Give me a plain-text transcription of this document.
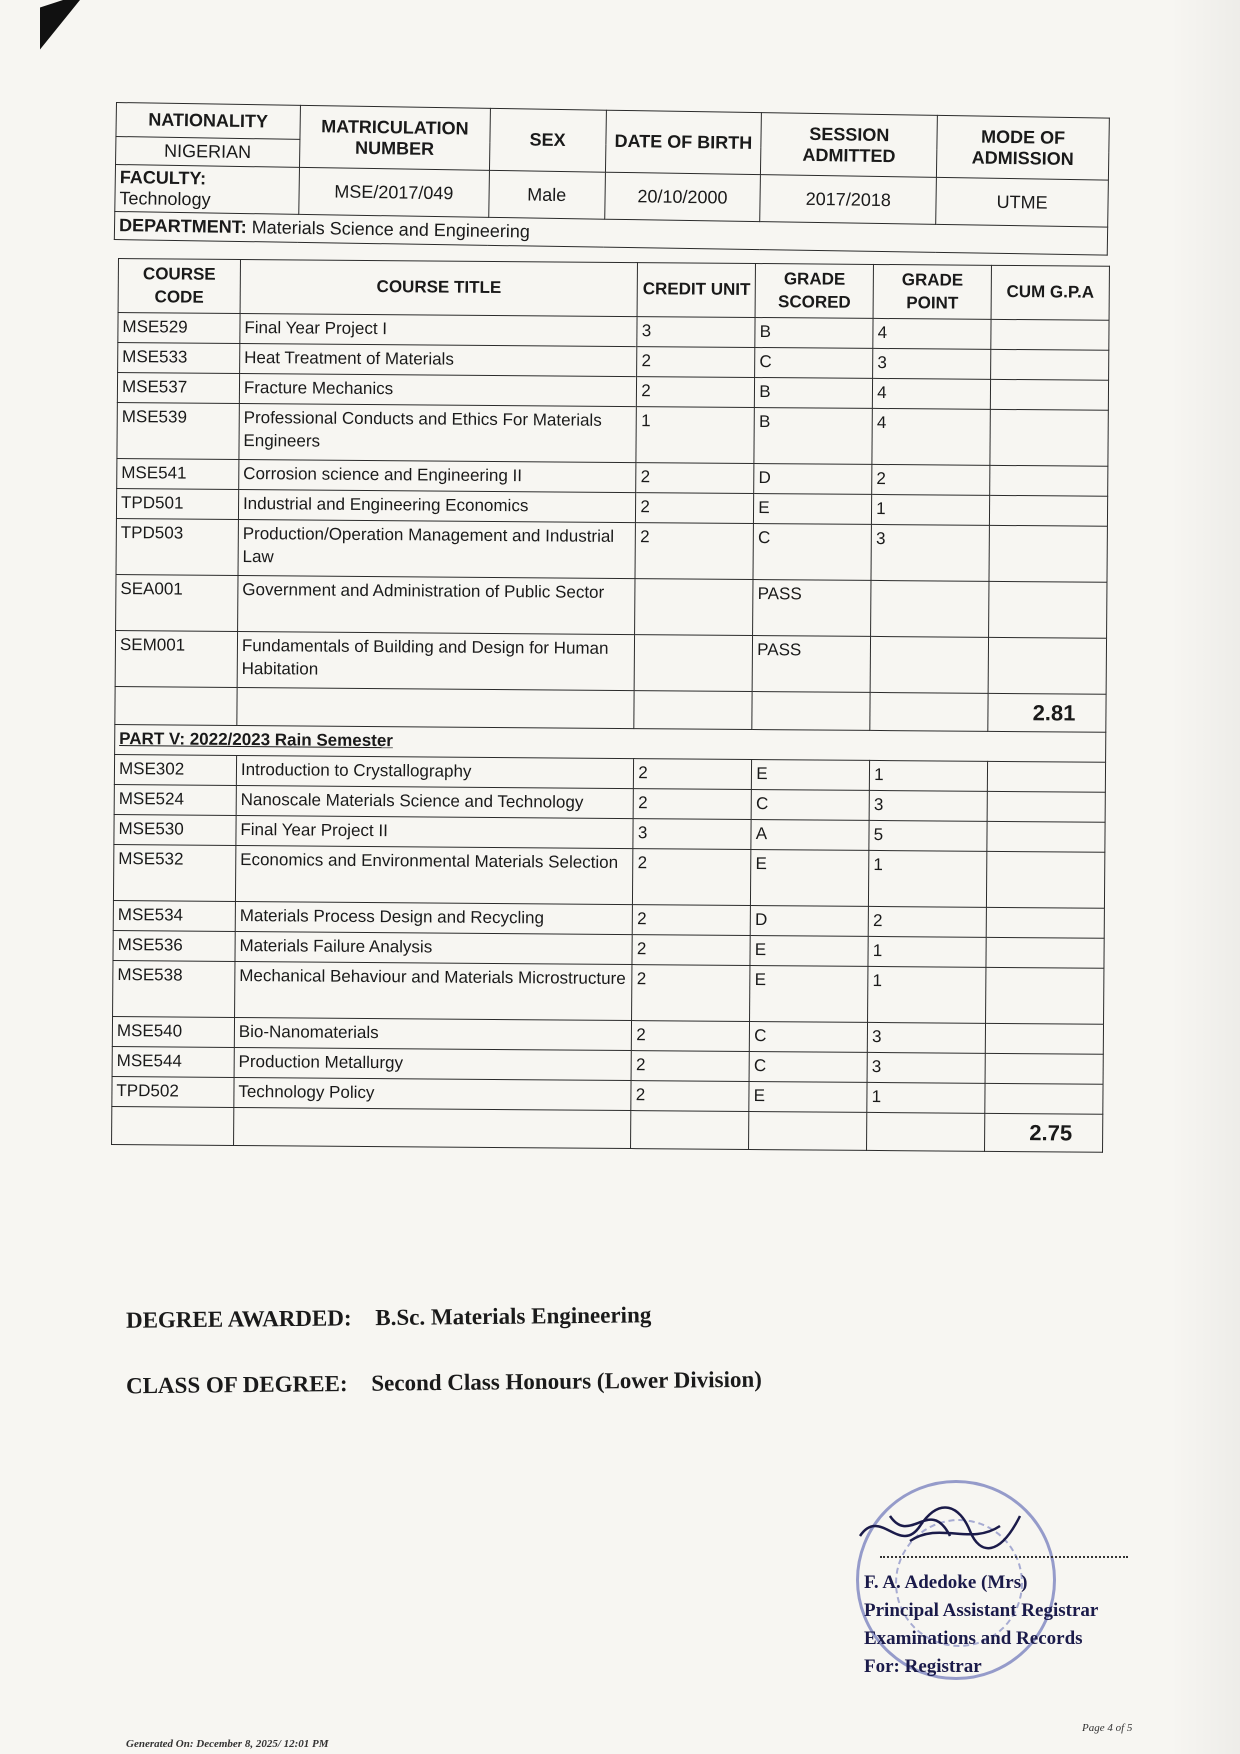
NATIONALITY	MATRICULATION NUMBER	SEX	DATE OF BIRTH	SESSION ADMITTED	MODE OF ADMISSION
NIGERIAN					
FACULTY: Technology	MSE/2017/049	Male	20/10/2000	2017/2018	UTME
DEPARTMENT: Materials Science and Engineering					
COURSE CODE	COURSE TITLE	CREDIT UNIT	GRADE SCORED	GRADE POINT	CUM G.P.A
MSE529	Final Year Project I	3	B	4	
MSE533	Heat Treatment of Materials	2	C	3	
MSE537	Fracture Mechanics	2	B	4	
MSE539	Professional Conducts and Ethics For Materials Engineers	1	B	4	
MSE541	Corrosion science and Engineering II	2	D	2	
TPD501	Industrial and Engineering Economics	2	E	1	
TPD503	Production/Operation Management and Industrial Law	2	C	3	
SEA001	Government and Administration of Public Sector		PASS		
SEM001	Fundamentals of Building and Design for Human Habitation		PASS		
					2.81
PART V: 2022/2023 Rain Semester					
MSE302	Introduction to Crystallography	2	E	1	
MSE524	Nanoscale Materials Science and Technology	2	C	3	
MSE530	Final Year Project II	3	A	5	
MSE532	Economics and Environmental Materials Selection	2	E	1	
MSE534	Materials Process Design and Recycling	2	D	2	
MSE536	Materials Failure Analysis	2	E	1	
MSE538	Mechanical Behaviour and Materials Microstructure	2	E	1	
MSE540	Bio-Nanomaterials	2	C	3	
MSE544	Production Metallurgy	2	C	3	
TPD502	Technology Policy	2	E	1	
					2.75
DEGREE AWARDED: B.Sc. Materials Engineering
CLASS OF DEGREE: Second Class Honours (Lower Division)
F. A. Adedoke (Mrs)
Principal Assistant Registrar
Examinations and Records
For: Registrar
Generated On: December 8, 2025/ 12:01 PM
Page 4 of 5
